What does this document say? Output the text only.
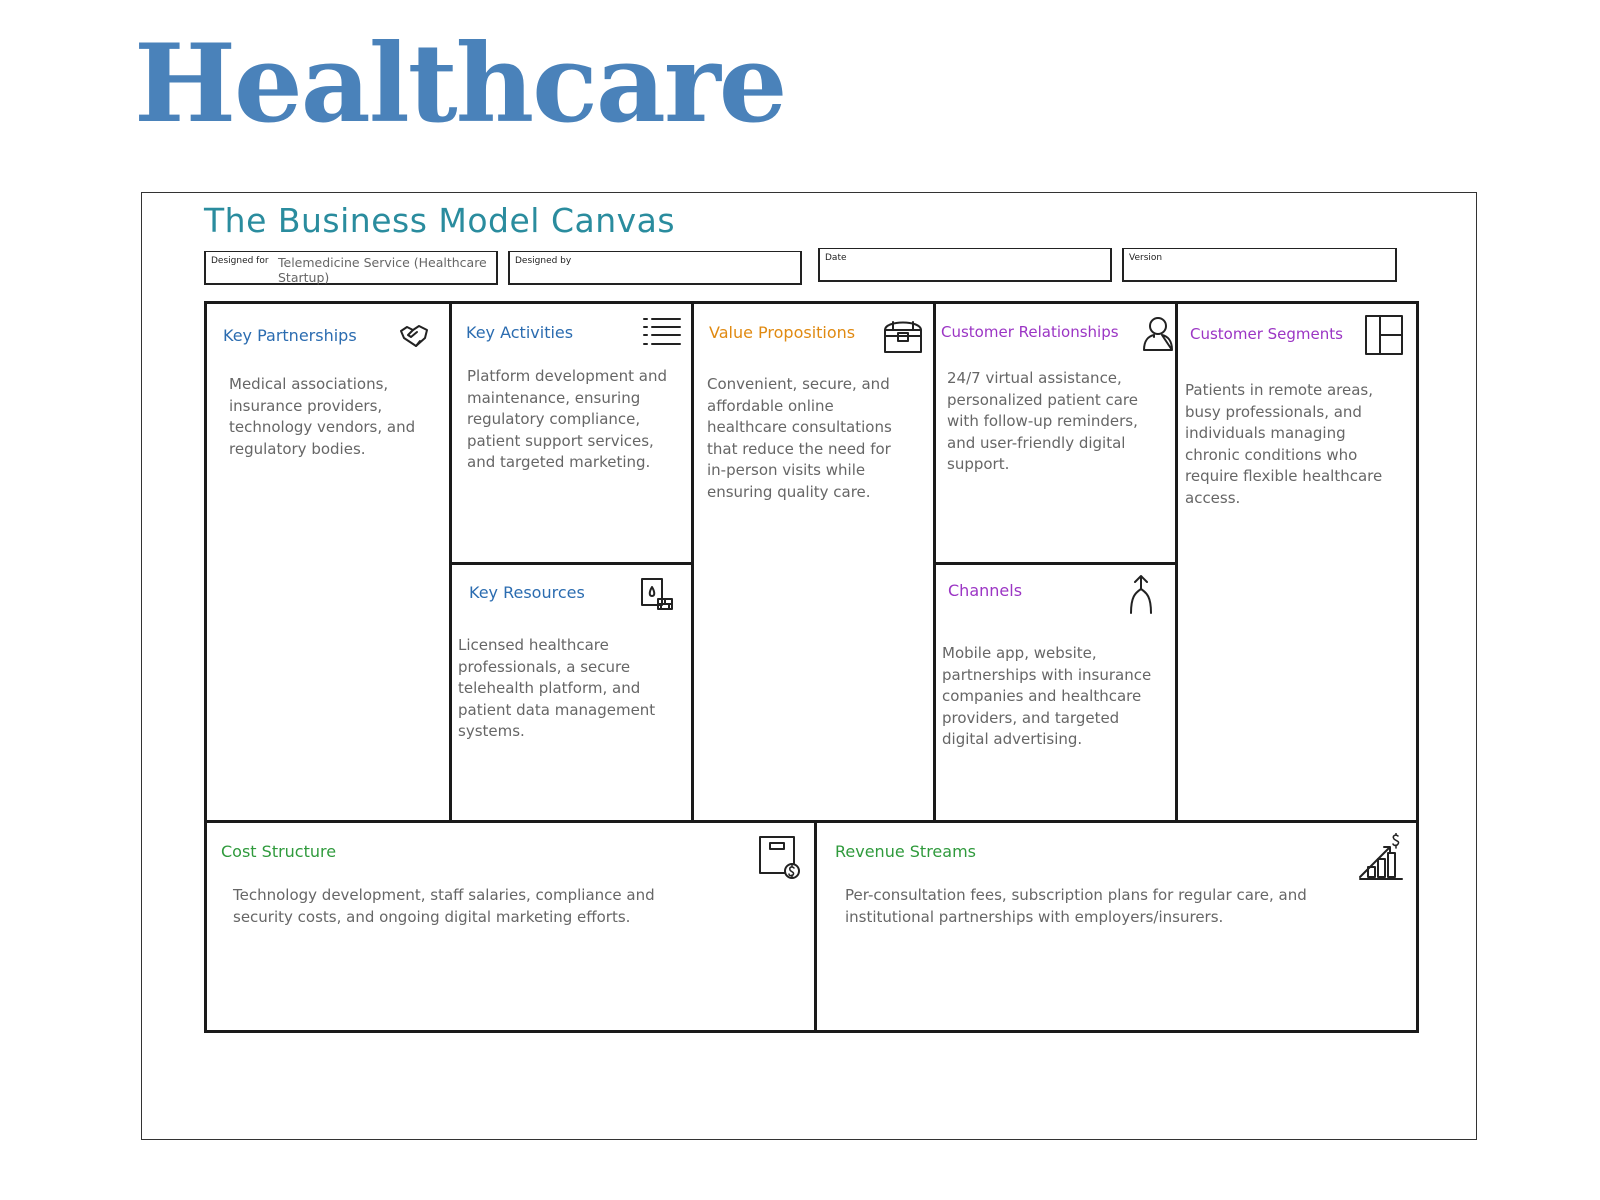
Healthcare
The Business Model Canvas
Designed for Telemedicine Service (Healthcare Startup)
Designed by	Date	Version
Key Partnerships
Medical associations, insurance providers, technology vendors, and regulatory bodies.
Key Activities
Platform development and maintenance, ensuring regulatory compliance, patient support services, and targeted marketing.
Key Resources
Licensed healthcare professionals, a secure telehealth platform, and patient data management systems.
Value Propositions
Convenient, secure, and affordable online healthcare consultations that reduce the need for in-person visits while ensuring quality care.
Customer Relationships
24/7 virtual assistance, personalized patient care with follow-up reminders, and user-friendly digital support.
Channels
Mobile app, website, partnerships with insurance companies and healthcare providers, and targeted digital advertising.
Customer Segments
Patients in remote areas, busy professionals, and individuals managing chronic conditions who require flexible healthcare access.
Cost Structure
Technology development, staff salaries, compliance and security costs, and ongoing digital marketing efforts.
Revenue Streams
Per-consultation fees, subscription plans for regular care, and institutional partnerships with employers/insurers.
